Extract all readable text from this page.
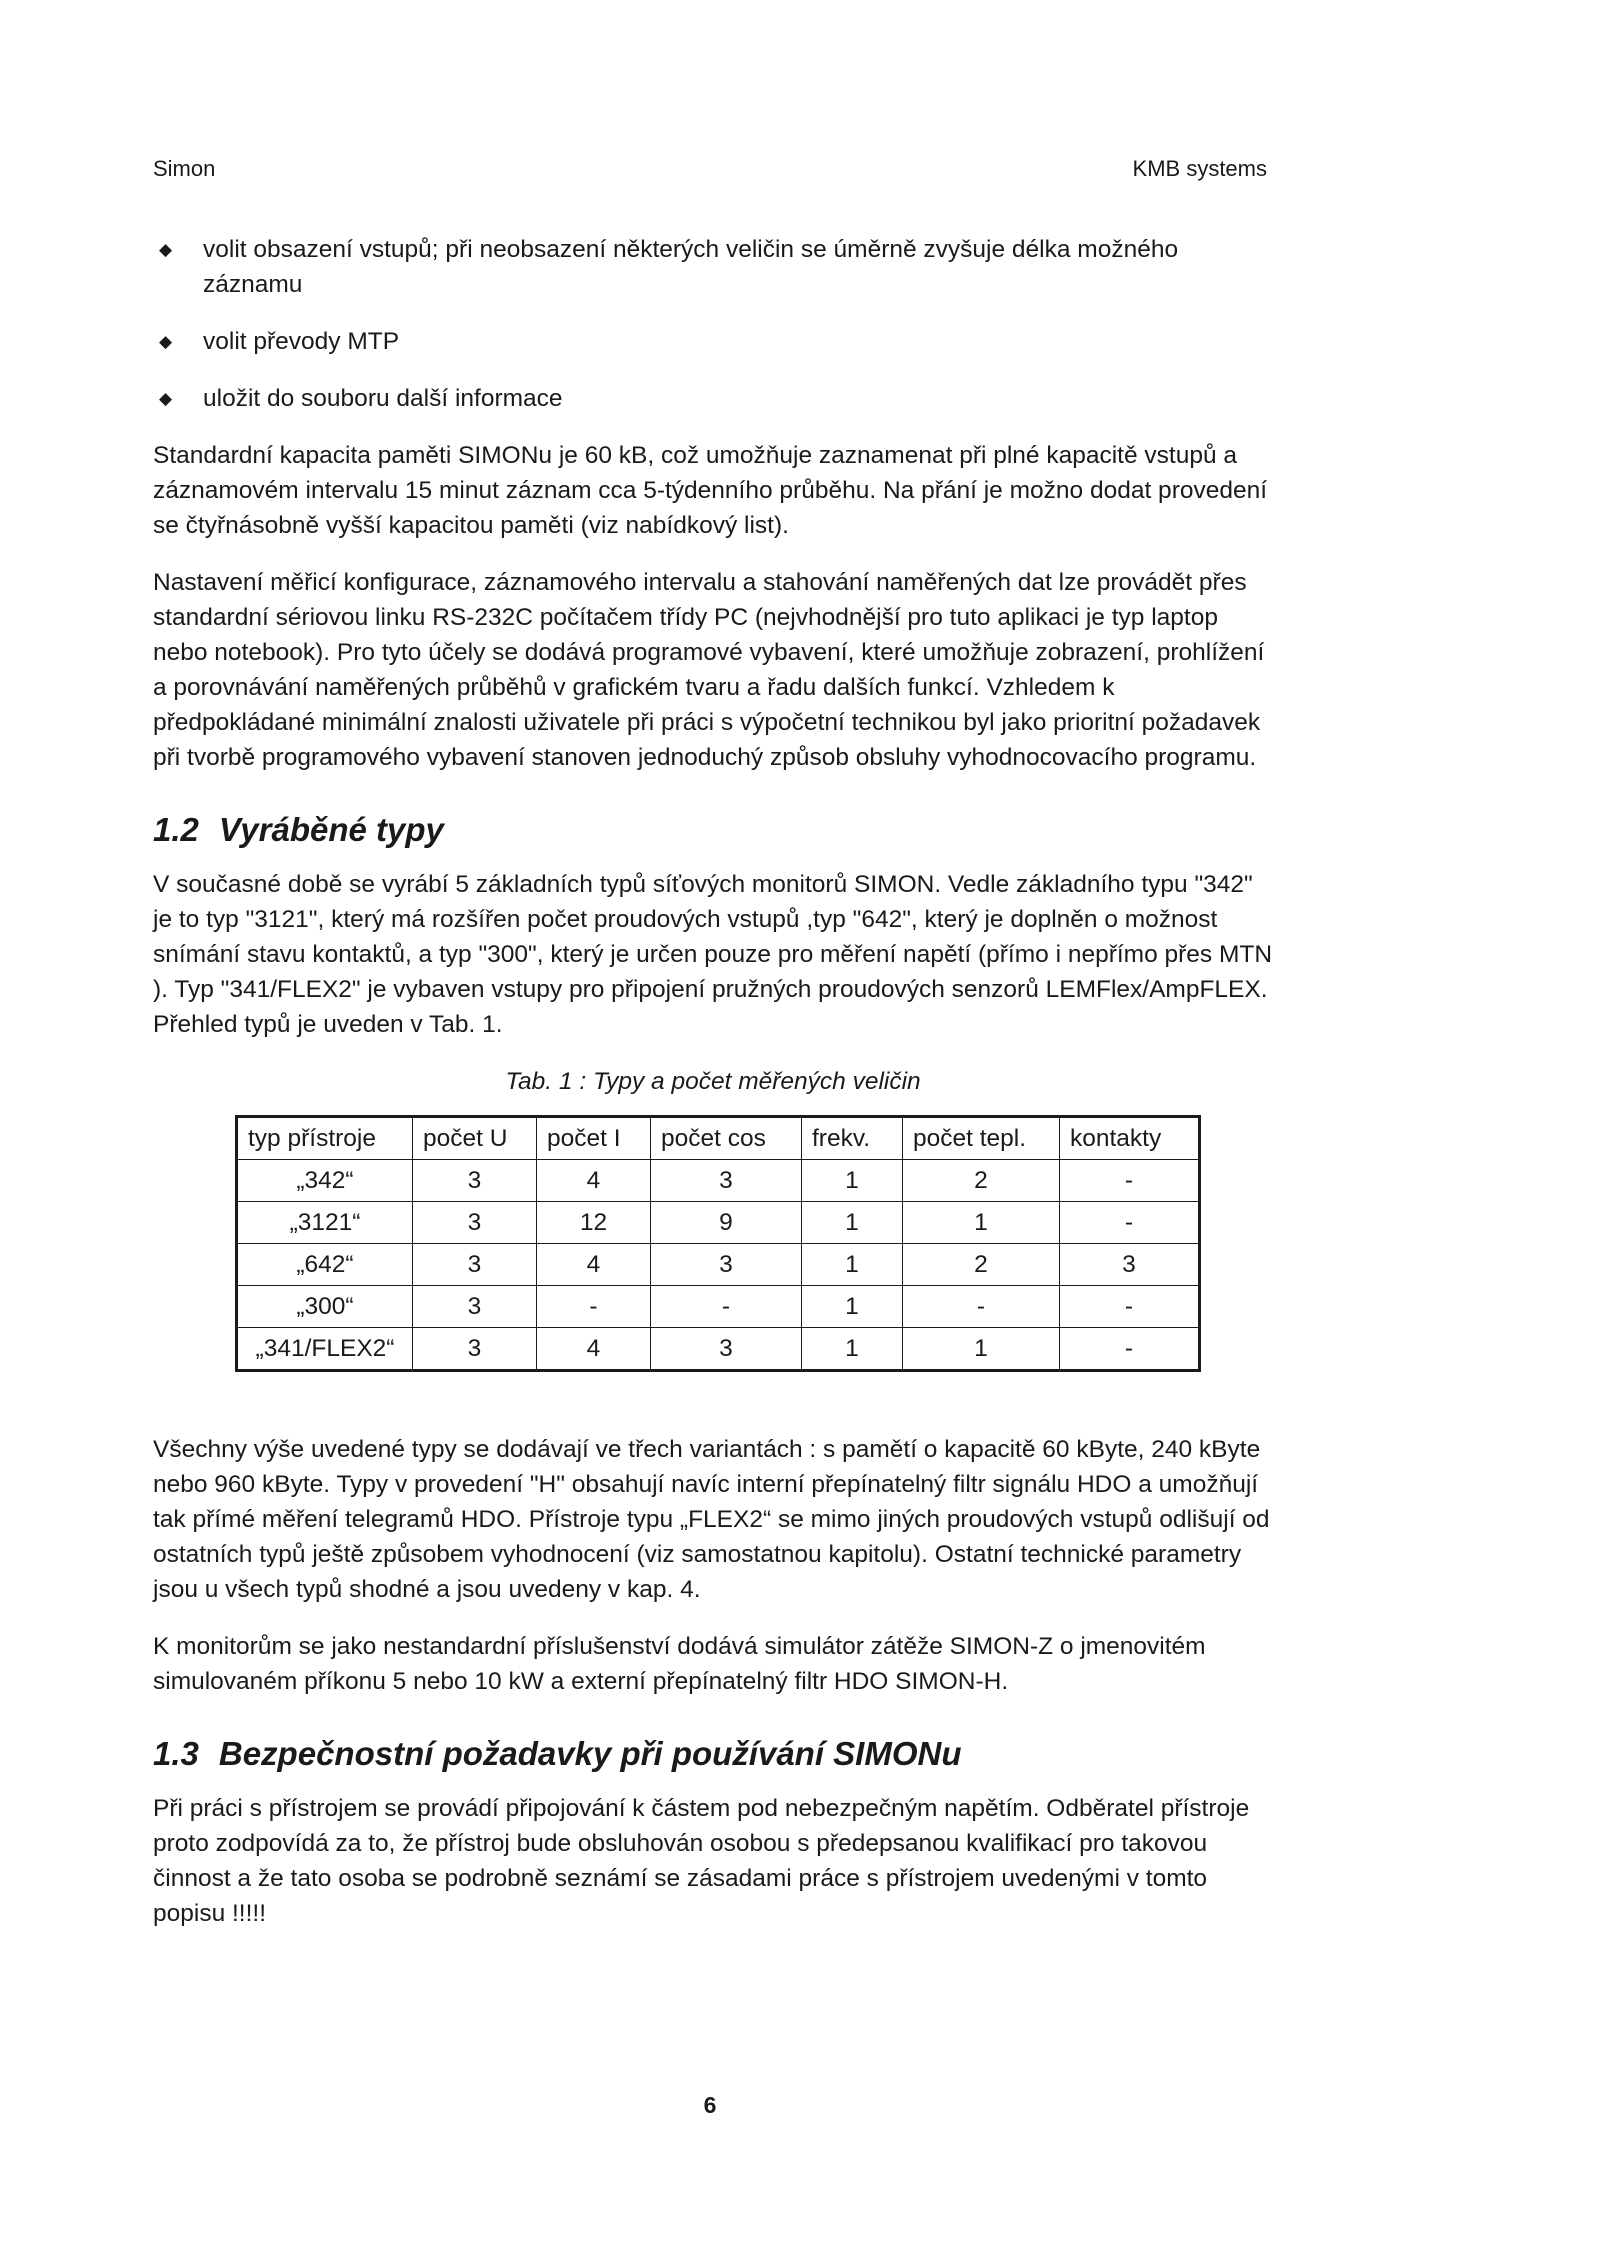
Simon	KMB systems
◆ volit obsazení vstupů; při neobsazení některých veličin se úměrně zvyšuje délka možného záznamu
◆ volit převody MTP
◆ uložit do souboru další informace

Standardní kapacita paměti SIMONu je 60 kB, což umožňuje zaznamenat při plné kapacitě vstupů a záznamovém intervalu 15 minut záznam cca 5-týdenního průběhu. Na přání je možno dodat provedení se čtyřnásobně vyšší kapacitou paměti (viz nabídkový list).

Nastavení měřicí konfigurace, záznamového intervalu a stahování naměřených dat lze provádět přes standardní sériovou linku RS-232C počítačem třídy PC (nejvhodnější pro tuto aplikaci je typ laptop nebo notebook). Pro tyto účely se dodává programové vybavení, které umožňuje zobrazení, prohlížení a porovnávání naměřených průběhů v grafickém tvaru a řadu dalších funkcí. Vzhledem k předpokládané minimální znalosti uživatele při práci s výpočetní technikou byl jako prioritní požadavek při tvorbě programového vybavení stanoven jednoduchý způsob obsluhy vyhodnocovacího programu.

1.2 Vyráběné typy

V současné době se vyrábí 5 základních typů síťových monitorů SIMON. Vedle základního typu "342" je to typ "3121", který má rozšířen počet proudových vstupů ,typ "642", který je doplněn o možnost snímání stavu kontaktů, a typ "300", který je určen pouze pro měření napětí (přímo i nepřímo přes MTN ). Typ "341/FLEX2" je vybaven vstupy pro připojení pružných proudových senzorů LEMFlex/AmpFLEX. Přehled typů je uveden v Tab. 1.

Tab. 1 : Typy a počet měřených veličin
typ přístroje	počet U	počet I	počet cos	frekv.	počet tepl.	kontakty
„342“	3	4	3	1	2	-
„3121“	3	12	9	1	1	-
„642“	3	4	3	1	2	3
„300“	3	-	-	1	-	-
„341/FLEX2“	3	4	3	1	1	-

Všechny výše uvedené typy se dodávají ve třech variantách : s pamětí o kapacitě 60 kByte, 240 kByte nebo 960 kByte. Typy v provedení "H" obsahují navíc interní přepínatelný filtr signálu HDO a umožňují tak přímé měření telegramů HDO. Přístroje typu „FLEX2“ se mimo jiných proudových vstupů odlišují od ostatních typů ještě způsobem vyhodnocení (viz samostatnou kapitolu). Ostatní technické parametry jsou u všech typů shodné a jsou uvedeny v kap. 4.

K monitorům se jako nestandardní příslušenství dodává simulátor zátěže SIMON-Z o jmenovitém simulovaném příkonu 5 nebo 10 kW a externí přepínatelný filtr HDO SIMON-H.

1.3 Bezpečnostní požadavky při používání SIMONu

Při práci s přístrojem se provádí připojování k částem pod nebezpečným napětím. Odběratel přístroje proto zodpovídá za to, že přístroj bude obsluhován osobou s předepsanou kvalifikací pro takovou činnost a že tato osoba se podrobně seznámí se zásadami práce s přístrojem uvedenými v tomto popisu !!!!!

6
